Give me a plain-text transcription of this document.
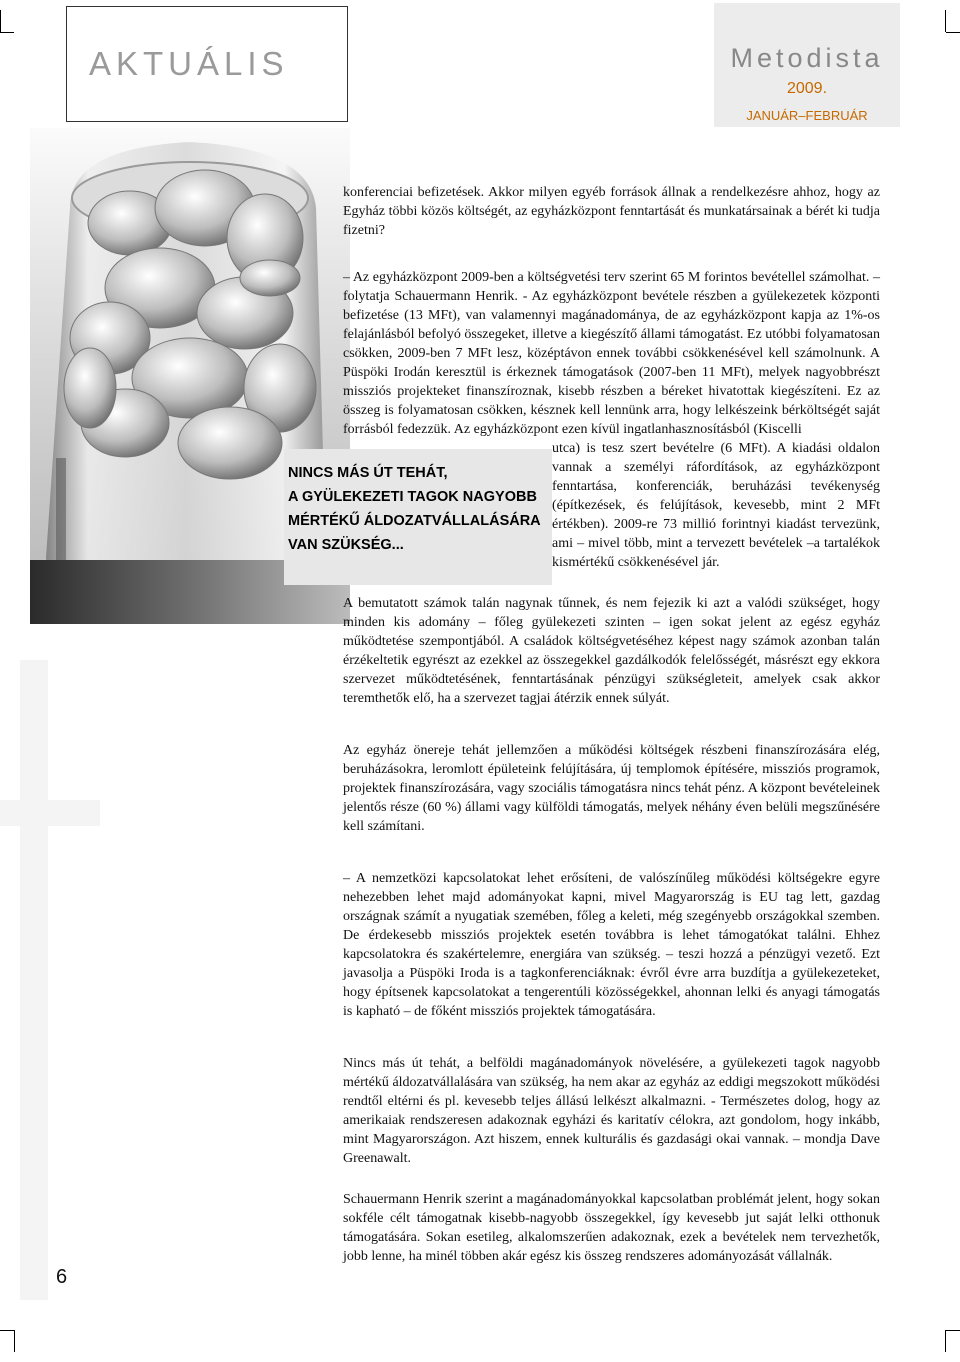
AKTUÁLIS	Metodista
2009.
JANUÁR–FEBRUÁR
NINCS MÁS ÚT TEHÁT,
A GYÜLEKEZETI TAGOK NAGYOBB
MÉRTÉKŰ ÁLDOZATVÁLLALÁSÁRA
VAN SZÜKSÉG...

konferenciai befizetések. Akkor milyen egyéb források állnak a rendelkezésre ahhoz, hogy az Egyház többi közös költségét, az egyházközpont fenntartását és munkatársainak a bérét ki tudja fizetni?

– Az egyházközpont 2009-ben a költségvetési terv szerint 65 M forintos bevétellel számolhat. – folytatja Schauermann Henrik. - Az egyházközpont bevétele részben a gyülekezetek központi befizetése (13 MFt), van valamennyi magánadománya, de az egyházközpont kapja az 1%-os felajánlásból befolyó összegeket, illetve a kiegészítő állami támogatást. Ez utóbbi folyamatosan csökken, 2009-ben 7 MFt lesz, középtávon ennek további csökkenésével kell számolnunk. A Püspöki Irodán keresztül is érkeznek támogatások (2007-ben 11 MFt), melyek nagyobbrészt missziós projekteket finanszíroznak, kisebb részben a béreket hivatottak kiegészíteni. Ez az összeg is folyamatosan csökken, késznek kell lennünk arra, hogy lelkészeink bérköltségét saját forrásból fedezzük. Az egyházközpont ezen kívül ingatlanhasznosításból (Kiscelli

utca) is tesz szert bevételre (6 MFt). A kiadási oldalon vannak a személyi ráfordítások, az egyházközpont fenntartása, konferenciák, beruházási tevékenység (építkezések, és felújítások, kevesebb, mint 2 MFt értékben). 2009-re 73 millió forintnyi kiadást tervezünk, ami – mivel több, mint a tervezett bevételek –a tartalékok kismértékű csökkenésével jár.

A bemutatott számok talán nagynak tűnnek, és nem fejezik ki azt a valódi szükséget, hogy minden kis adomány – főleg gyülekezeti szinten – igen sokat jelent az egész egyház működtetése szempontjából. A családok költségvetéséhez képest nagy számok azonban talán érzékeltetik egyrészt az ezekkel az összegekkel gazdálkodók felelősségét, másrészt egy ekkora szervezet működtetésének, fenntartásának pénzügyi szükségleteit, amelyek csak akkor teremthetők elő, ha a szervezet tagjai átérzik ennek súlyát.

Az egyház önereje tehát jellemzően a működési költségek részbeni finanszírozására elég, beruházásokra, leromlott épületeink felújítására, új templomok építésére, missziós programok, projektek finanszírozására, vagy szociális támogatásra nincs tehát pénz. A központ bevételeinek jelentős része (60 %) állami vagy külföldi támogatás, melyek néhány éven belüli megszűnésére kell számítani.

– A nemzetközi kapcsolatokat lehet erősíteni, de valószínűleg működési költségekre egyre nehezebben lehet majd adományokat kapni, mivel Magyarország is EU tag lett, gazdag országnak számít a nyugatiak szemében, főleg a keleti, még szegényebb országokkal szemben. De érdekesebb missziós projektek esetén továbbra is lehet támogatókat találni. Ehhez kapcsolatokra és szakértelemre, energiára van szükség. – teszi hozzá a pénzügyi vezető. Ezt javasolja a Püspöki Iroda is a tagkonferenciáknak: évről évre arra buzdítja a gyülekezeteket, hogy építsenek kapcsolatokat a tengerentúli közösségekkel, ahonnan lelki és anyagi támogatás is kapható – de főként missziós projektek támogatására.

Nincs más út tehát, a belföldi magánadományok növelésére, a gyülekezeti tagok nagyobb mértékű áldozatvállalására van szükség, ha nem akar az egyház az eddigi megszokott működési rendtől eltérni és pl. kevesebb teljes állású lelkészt alkalmazni. - Természetes dolog, hogy az amerikaiak rendszeresen adakoznak egyházi és karitatív célokra, azt gondolom, hogy inkább, mint Magyarországon. Azt hiszem, ennek kulturális és gazdasági okai vannak. – mondja Dave Greenawalt.

Schauermann Henrik szerint a magánadományokkal kapcsolatban problémát jelent, hogy sokan sokféle célt támogatnak kisebb-nagyobb összegekkel, így kevesebb jut saját lelki otthonuk támogatására. Sokan esetileg, alkalomszerűen adakoznak, ezek a bevételek nem tervezhetők, jobb lenne, ha minél többen akár egész kis összeg rendszeres adományozását vállalnák.

6
